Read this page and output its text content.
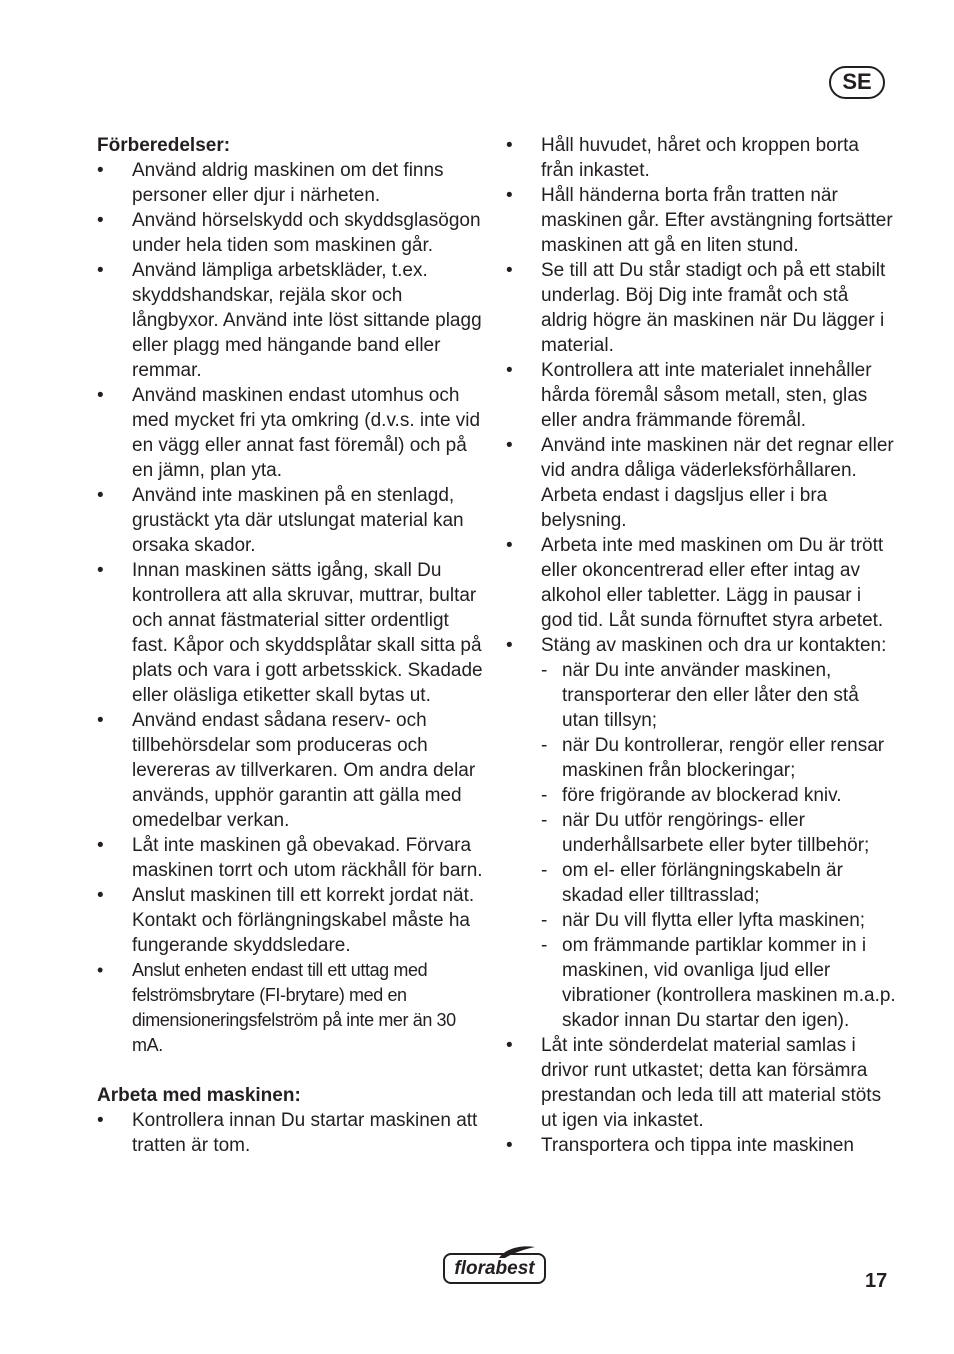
SE
Förberedelser:
• Använd aldrig maskinen om det finns personer eller djur i närheten.
• Använd hörselskydd och skyddsglasögon under hela tiden som maskinen går.
• Använd lämpliga arbetskläder, t.ex. skyddshandskar, rejäla skor och långbyxor. Använd inte löst sittande plagg eller plagg med hängande band eller remmar.
• Använd maskinen endast utomhus och med mycket fri yta omkring (d.v.s. inte vid en vägg eller annat fast föremål) och på en jämn, plan yta.
• Använd inte maskinen på en stenlagd, grustäckt yta där utslungat material kan orsaka skador.
• Innan maskinen sätts igång, skall Du kontrollera att alla skruvar, muttrar, bultar och annat fästmaterial sitter ordentligt fast. Kåpor och skyddsplåtar skall sitta på plats och vara i gott arbetsskick. Skadade eller oläsliga etiketter skall bytas ut.
• Använd endast sådana reserv- och tillbehörsdelar som produceras och levereras av tillverkaren. Om andra delar används, upphör garantin att gälla med omedelbar verkan.
• Låt inte maskinen gå obevakad. Förvara maskinen torrt och utom räckhåll för barn.
• Anslut maskinen till ett korrekt jordat nät. Kontakt och förlängningskabel måste ha fungerande skyddsledare.
• Anslut enheten endast till ett uttag med felströmsbrytare (FI-brytare) med en dimensioneringsfelström på inte mer än 30 mA.
Arbeta med maskinen:
• Kontrollera innan Du startar maskinen att tratten är tom.
• Håll huvudet, håret och kroppen borta från inkastet.
• Håll händerna borta från tratten när maskinen går. Efter avstängning fortsätter maskinen att gå en liten stund.
• Se till att Du står stadigt och på ett stabilt underlag. Böj Dig inte framåt och stå aldrig högre än maskinen när Du lägger i material.
• Kontrollera att inte materialet innehåller hårda föremål såsom metall, sten, glas eller andra främmande föremål.
• Använd inte maskinen när det regnar eller vid andra dåliga väderleksförhållaren. Arbeta endast i dagsljus eller i bra belysning.
• Arbeta inte med maskinen om Du är trött eller okoncentrerad eller efter intag av alkohol eller tabletter. Lägg in pausar i god tid. Låt sunda förnuftet styra arbetet.
• Stäng av maskinen och dra ur kontakten:
- när Du inte använder maskinen, transporterar den eller låter den stå utan tillsyn;
- när Du kontrollerar, rengör eller rensar maskinen från blockeringar;
- före frigörande av blockerad kniv.
- när Du utför rengörings- eller underhållsarbete eller byter tillbehör;
- om el- eller förlängningskabeln är skadad eller tilltrasslad;
- när Du vill flytta eller lyfta maskinen;
- om främmande partiklar kommer in i maskinen, vid ovanliga ljud eller vibrationer (kontrollera maskinen m.a.p. skador innan Du startar den igen).
• Låt inte sönderdelat material samlas i drivor runt utkastet; detta kan försämra prestandan och leda till att material stöts ut igen via inkastet.
• Transportera och tippa inte maskinen
florabest
17
